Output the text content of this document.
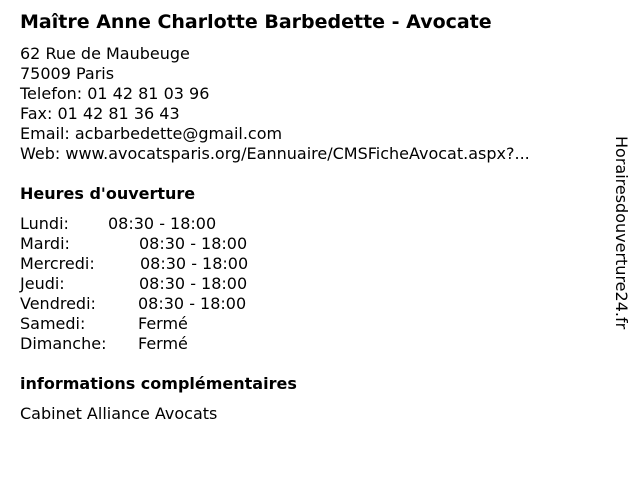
Maître Anne Charlotte Barbedette - Avocate
62 Rue de Maubeuge
75009 Paris
Telefon: 01 42 81 03 96
Fax: 01 42 81 36 43
Email: acbarbedette@gmail.com
Web: www.avocatsparis.org/Eannuaire/CMSFicheAvocat.aspx?...
Heures d'ouverture
Lundi: 08:30 - 18:00
Mardi:	08:30 - 18:00
Mercredi:	08:30 - 18:00
Jeudi:	08:30 - 18:00
Vendredi:	08:30 - 18:00
Samedi:	Fermé
Dimanche: Fermé
informations complémentaires
Cabinet Alliance Avocats
Horairesdouverture24.fr
